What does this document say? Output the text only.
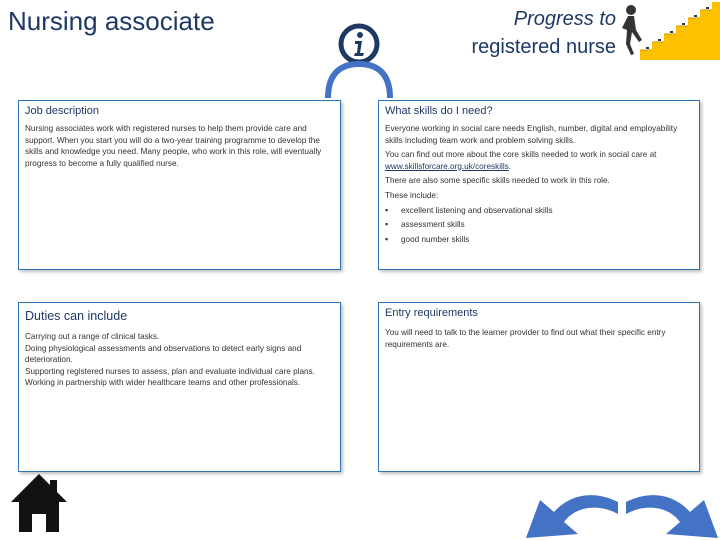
Nursing associate	Progress to
registered nurse
Job description

Nursing associates work with registered nurses to help them provide care and support. When you start you will do a two-year training programme to develop the skills and knowledge you need. Many people, who work in this role, will eventually progress to become a fully qualified nurse.

What skills do I need?

Everyone working in social care needs English, number, digital and employability skills including team work and problem solving skills.

You can find out more about the core skills needed to work in social care at www.skillsforcare.org.uk/coreskills.

There are also some specific skills needed to work in this role.

These include:

▪ excellent listening and observational skills
▪ assessment skills
▪ good number skills
Duties can include

Carrying out a range of clinical tasks.

Doing physiological assessments and observations to detect early signs and deterioration.

Supporting registered nurses to assess, plan and evaluate individual care plans.

Working in partnership with wider healthcare teams and other professionals.

Entry requirements

You will need to talk to the learner provider to find out what their specific entry requirements are.
